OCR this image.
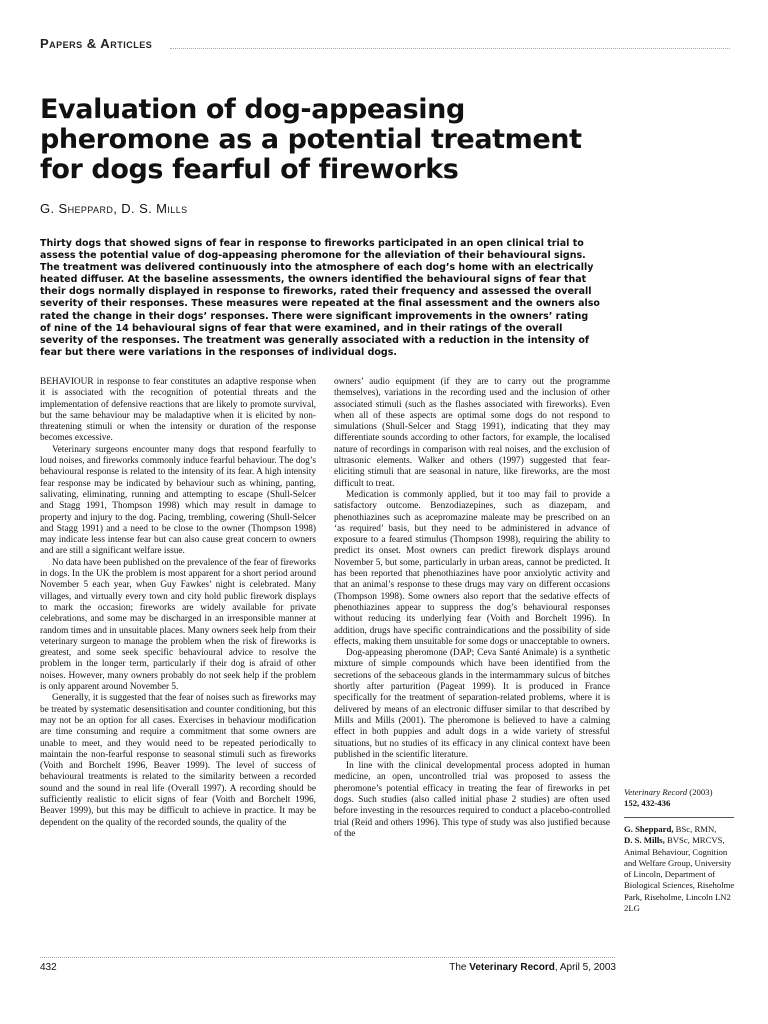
Papers & Articles
Evaluation of dog-appeasing pheromone as a potential treatment for dogs fearful of fireworks
G. Sheppard, D. S. Mills

Thirty dogs that showed signs of fear in response to fireworks participated in an open clinical trial to assess the potential value of dog-appeasing pheromone for the alleviation of their behavioural signs. The treatment was delivered continuously into the atmosphere of each dog’s home with an electrically heated diffuser. At the baseline assessments, the owners identified the behavioural signs of fear that their dogs normally displayed in response to fireworks, rated their frequency and assessed the overall severity of their responses. These measures were repeated at the final assessment and the owners also rated the change in their dogs’ responses. There were significant improvements in the owners’ rating of nine of the 14 behavioural signs of fear that were examined, and in their ratings of the overall severity of the responses. The treatment was generally associated with a reduction in the intensity of fear but there were variations in the responses of individual dogs.

BEHAVIOUR in response to fear constitutes an adaptive response when it is associated with the recognition of potential threats and the implementation of defensive reactions that are likely to promote survival, but the same behaviour may be maladaptive when it is elicited by non-threatening stimuli or when the intensity or duration of the response becomes excessive.

Veterinary surgeons encounter many dogs that respond fearfully to loud noises, and fireworks commonly induce fearful behaviour. The dog’s behavioural response is related to the intensity of its fear. A high intensity fear response may be indicated by behaviour such as whining, panting, salivating, eliminating, running and attempting to escape (Shull-Selcer and Stagg 1991, Thompson 1998) which may result in damage to property and injury to the dog. Pacing, trembling, cowering (Shull-Selcer and Stagg 1991) and a need to be close to the owner (Thompson 1998) may indicate less intense fear but can also cause great concern to owners and are still a significant welfare issue.

No data have been published on the prevalence of the fear of fireworks in dogs. In the UK the problem is most apparent for a short period around November 5 each year, when Guy Fawkes’ night is celebrated. Many villages, and virtually every town and city hold public firework displays to mark the occasion; fireworks are widely available for private celebrations, and some may be discharged in an irresponsible manner at random times and in unsuitable places. Many owners seek help from their veterinary surgeon to manage the problem when the risk of fireworks is greatest, and some seek specific behavioural advice to resolve the problem in the longer term, particularly if their dog is afraid of other noises. However, many owners probably do not seek help if the problem is only apparent around November 5.

Generally, it is suggested that the fear of noises such as fireworks may be treated by systematic desensitisation and counter conditioning, but this may not be an option for all cases. Exercises in behaviour modification are time consuming and require a commitment that some owners are unable to meet, and they would need to be repeated periodically to maintain the non-fearful response to seasonal stimuli such as fireworks (Voith and Borchelt 1996, Beaver 1999). The level of success of behavioural treatments is related to the similarity between a recorded sound and the sound in real life (Overall 1997). A recording should be sufficiently realistic to elicit signs of fear (Voith and Borchelt 1996, Beaver 1999), but this may be difficult to achieve in practice. It may be dependent on the quality of the recorded sounds, the quality of the

owners’ audio equipment (if they are to carry out the programme themselves), variations in the recording used and the inclusion of other associated stimuli (such as the flashes associated with fireworks). Even when all of these aspects are optimal some dogs do not respond to simulations (Shull-Selcer and Stagg 1991), indicating that they may differentiate sounds according to other factors, for example, the localised nature of recordings in comparison with real noises, and the exclusion of ultrasonic elements. Walker and others (1997) suggested that fear-eliciting stimuli that are seasonal in nature, like fireworks, are the most difficult to treat.

Medication is commonly applied, but it too may fail to provide a satisfactory outcome. Benzodiazepines, such as diazepam, and phenothiazines such as acepromazine maleate may be prescribed on an ‘as required’ basis, but they need to be administered in advance of exposure to a feared stimulus (Thompson 1998), requiring the ability to predict its onset. Most owners can predict firework displays around November 5, but some, particularly in urban areas, cannot be predicted. It has been reported that phenothiazines have poor anxiolytic activity and that an animal’s response to these drugs may vary on different occasions (Thompson 1998). Some owners also report that the sedative effects of phenothiazines appear to suppress the dog’s behavioural responses without reducing its underlying fear (Voith and Borchelt 1996). In addition, drugs have specific contraindications and the possibility of side effects, making them unsuitable for some dogs or unacceptable to owners.

Dog-appeasing pheromone (DAP; Ceva Santé Animale) is a synthetic mixture of simple compounds which have been identified from the secretions of the sebaceous glands in the intermammary sulcus of bitches shortly after parturition (Pageat 1999). It is produced in France specifically for the treatment of separation-related problems, where it is delivered by means of an electronic diffuser similar to that described by Mills and Mills (2001). The pheromone is believed to have a calming effect in both puppies and adult dogs in a wide variety of stressful situations, but no studies of its efficacy in any clinical context have been published in the scientific literature.

In line with the clinical developmental process adopted in human medicine, an open, uncontrolled trial was proposed to assess the pheromone’s potential efficacy in treating the fear of fireworks in pet dogs. Such studies (also called initial phase 2 studies) are often used before investing in the resources required to conduct a placebo-controlled trial (Reid and others 1996). This type of study was also justified because of the

Veterinary Record (2003)
152, 432-436
G. Sheppard, BSc, RMN,
D. S. Mills, BVSc, MRCVS,
Animal Behaviour, Cognition and Welfare Group, University of Lincoln, Department of Biological Sciences, Riseholme Park, Riseholme, Lincoln LN2 2LG
432	The Veterinary Record, April 5, 2003
